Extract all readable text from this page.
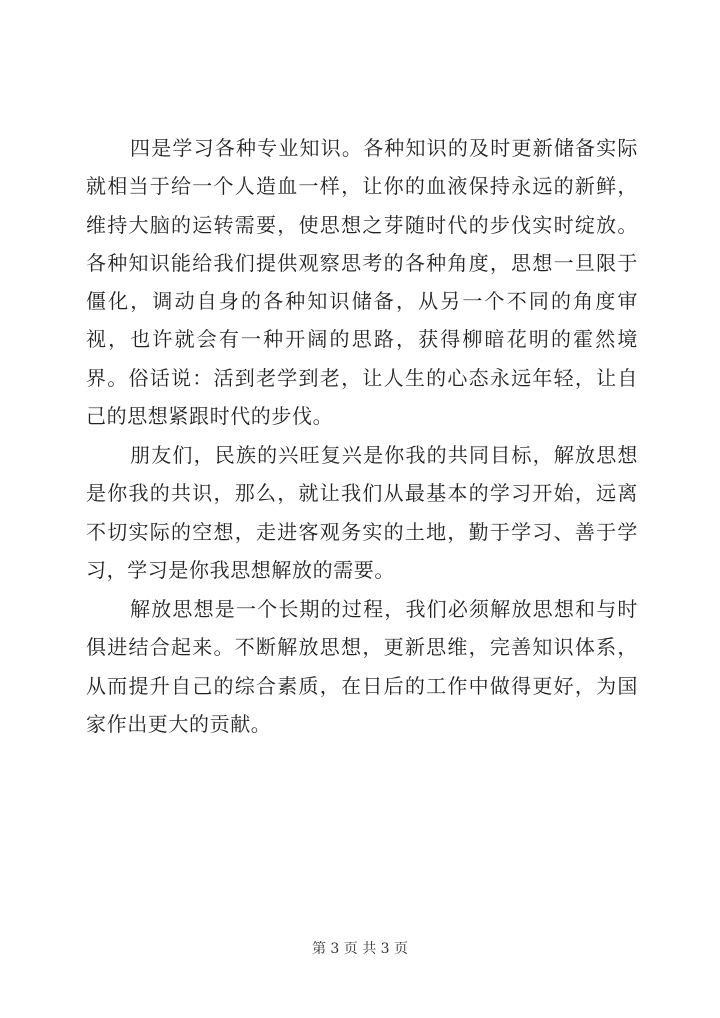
四是学习各种专业知识。各种知识的及时更新储备实际就相当于给一个人造血一样，让你的血液保持永远的新鲜，维持大脑的运转需要，使思想之芽随时代的步伐实时绽放。各种知识能给我们提供观察思考的各种角度，思想一旦限于僵化，调动自身的各种知识储备，从另一个不同的角度审视，也许就会有一种开阔的思路，获得柳暗花明的霍然境界。俗话说：活到老学到老，让人生的心态永远年轻，让自己的思想紧跟时代的步伐。

朋友们，民族的兴旺复兴是你我的共同目标，解放思想是你我的共识，那么，就让我们从最基本的学习开始，远离不切实际的空想，走进客观务实的土地，勤于学习、善于学习，学习是你我思想解放的需要。

解放思想是一个长期的过程，我们必须解放思想和与时俱进结合起来。不断解放思想，更新思维，完善知识体系，从而提升自己的综合素质，在日后的工作中做得更好，为国家作出更大的贡献。

第 3 页 共 3 页
